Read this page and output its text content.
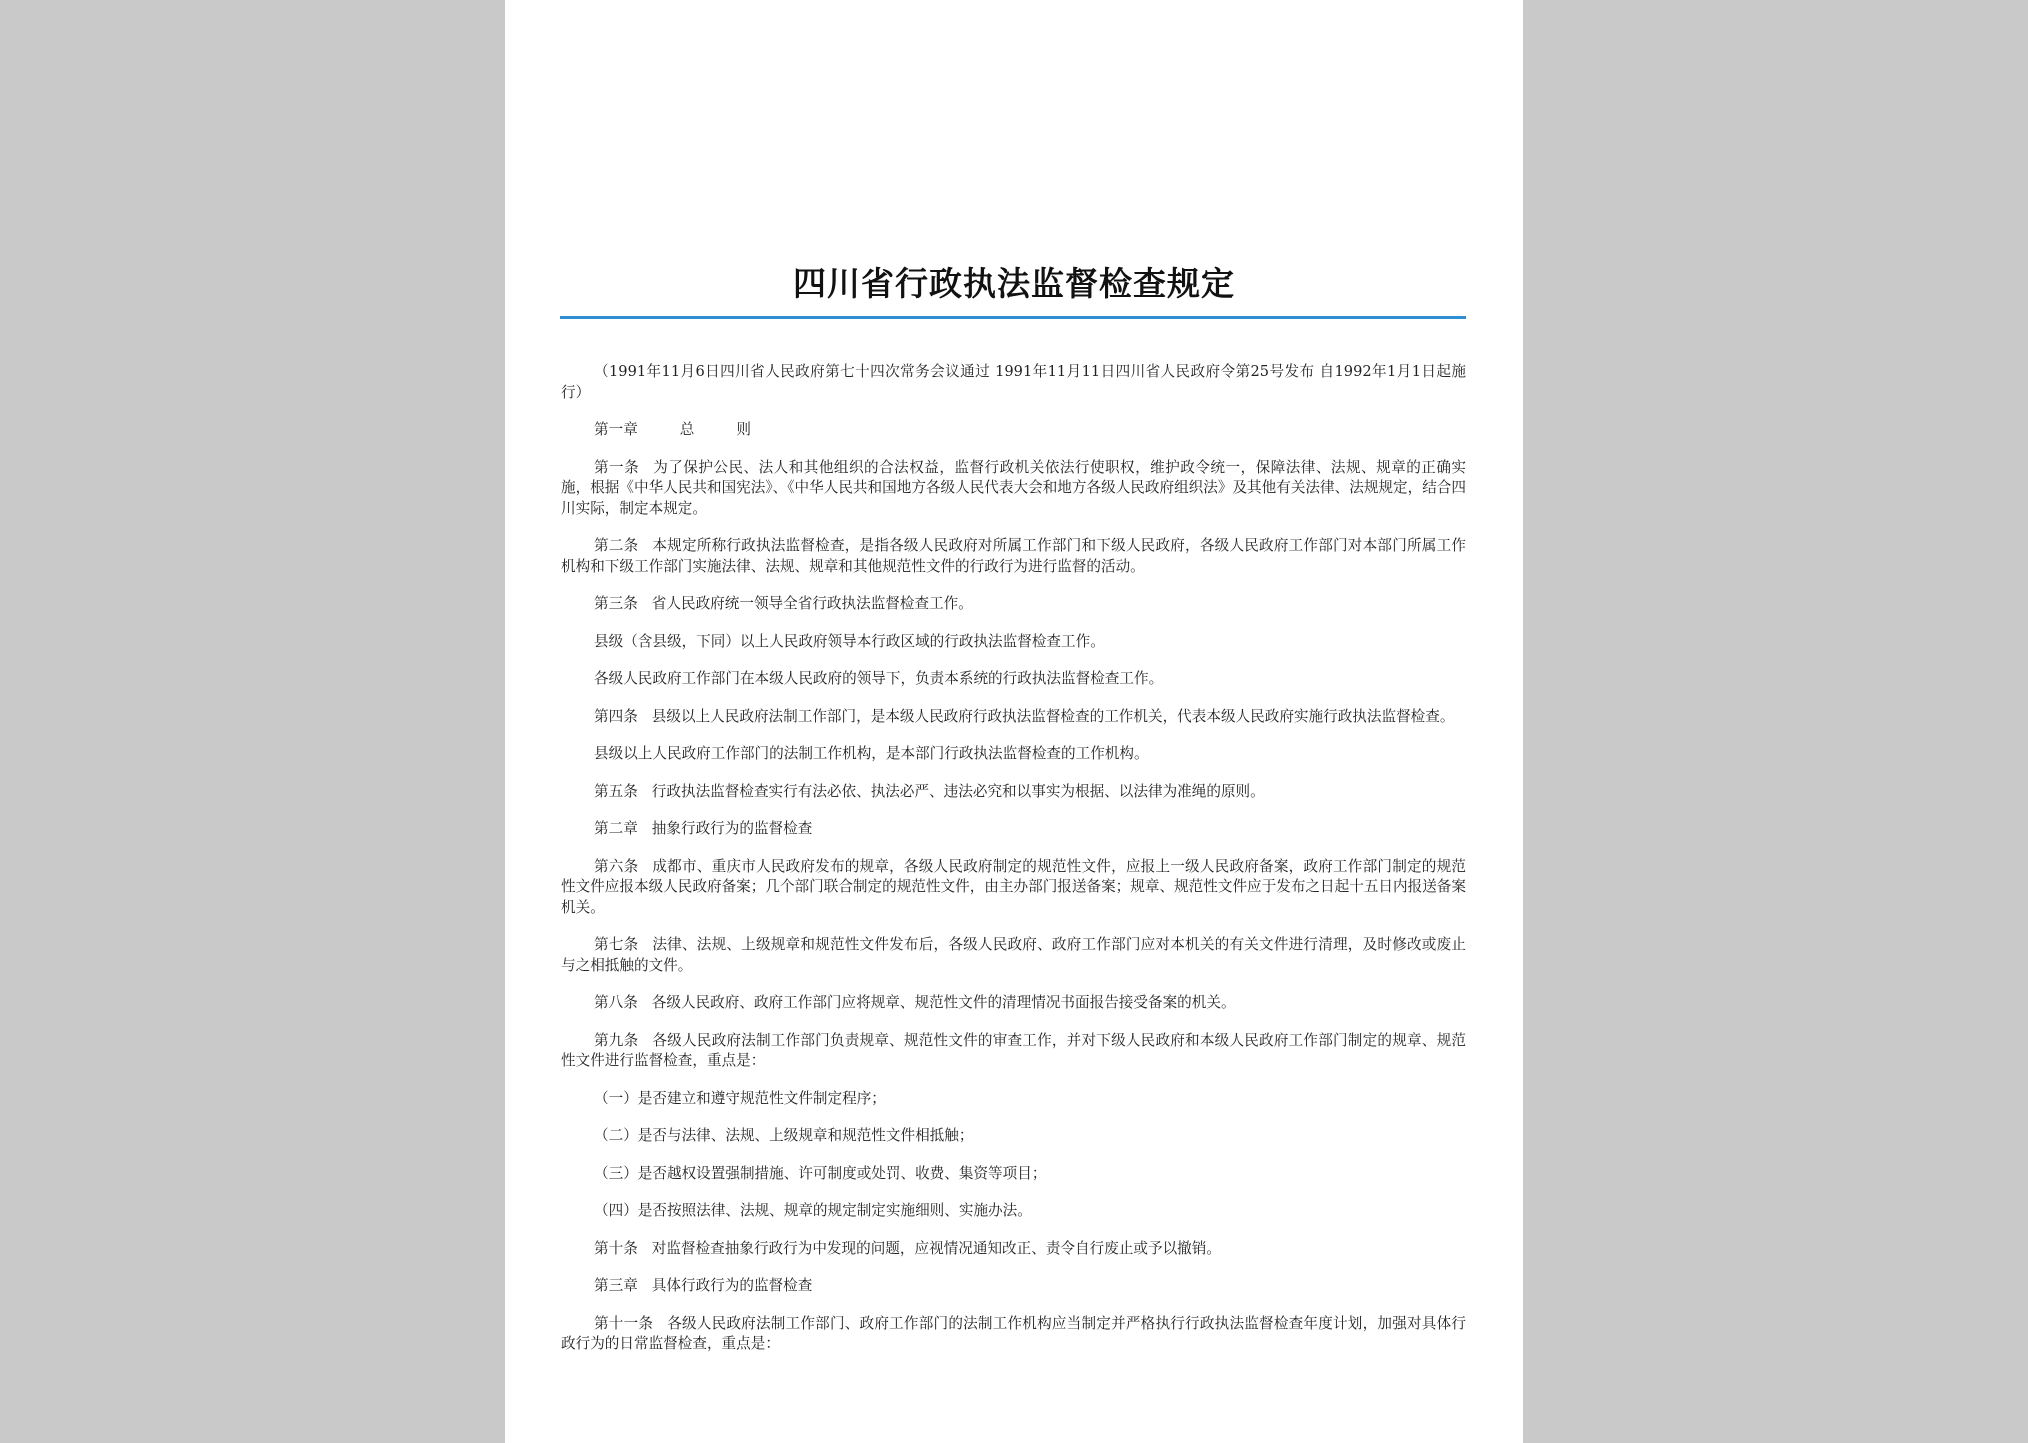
四川省行政执法监督检查规定

（1991年11月6日四川省人民政府第七十四次常务会议通过 1991年11月11日四川省人民政府令第25号发布 自1992年1月1日起施行）

第一章	总	则

第一条 为了保护公民、法人和其他组织的合法权益，监督行政机关依法行使职权，维护政令统一，保障法律、法规、规章的正确实施，根据《中华人民共和国宪法》、《中华人民共和国地方各级人民代表大会和地方各级人民政府组织法》及其他有关法律、法规规定，结合四川实际，制定本规定。

第二条 本规定所称行政执法监督检查，是指各级人民政府对所属工作部门和下级人民政府，各级人民政府工作部门对本部门所属工作机构和下级工作部门实施法律、法规、规章和其他规范性文件的行政行为进行监督的活动。

第三条 省人民政府统一领导全省行政执法监督检查工作。

县级（含县级，下同）以上人民政府领导本行政区域的行政执法监督检查工作。

各级人民政府工作部门在本级人民政府的领导下，负责本系统的行政执法监督检查工作。

第四条 县级以上人民政府法制工作部门，是本级人民政府行政执法监督检查的工作机关，代表本级人民政府实施行政执法监督检查。

县级以上人民政府工作部门的法制工作机构，是本部门行政执法监督检查的工作机构。

第五条 行政执法监督检查实行有法必依、执法必严、违法必究和以事实为根据、以法律为准绳的原则。

第二章 抽象行政行为的监督检查

第六条 成都市、重庆市人民政府发布的规章，各级人民政府制定的规范性文件，应报上一级人民政府备案，政府工作部门制定的规范性文件应报本级人民政府备案；几个部门联合制定的规范性文件，由主办部门报送备案；规章、规范性文件应于发布之日起十五日内报送备案机关。

第七条 法律、法规、上级规章和规范性文件发布后，各级人民政府、政府工作部门应对本机关的有关文件进行清理，及时修改或废止与之相抵触的文件。

第八条 各级人民政府、政府工作部门应将规章、规范性文件的清理情况书面报告接受备案的机关。

第九条 各级人民政府法制工作部门负责规章、规范性文件的审查工作，并对下级人民政府和本级人民政府工作部门制定的规章、规范性文件进行监督检查，重点是：

（一）是否建立和遵守规范性文件制定程序；

（二）是否与法律、法规、上级规章和规范性文件相抵触；

（三）是否越权设置强制措施、许可制度或处罚、收费、集资等项目；

（四）是否按照法律、法规、规章的规定制定实施细则、实施办法。

第十条 对监督检查抽象行政行为中发现的问题，应视情况通知改正、责令自行废止或予以撤销。

第三章 具体行政行为的监督检查

第十一条 各级人民政府法制工作部门、政府工作部门的法制工作机构应当制定并严格执行行政执法监督检查年度计划，加强对具体行政行为的日常监督检查，重点是：
